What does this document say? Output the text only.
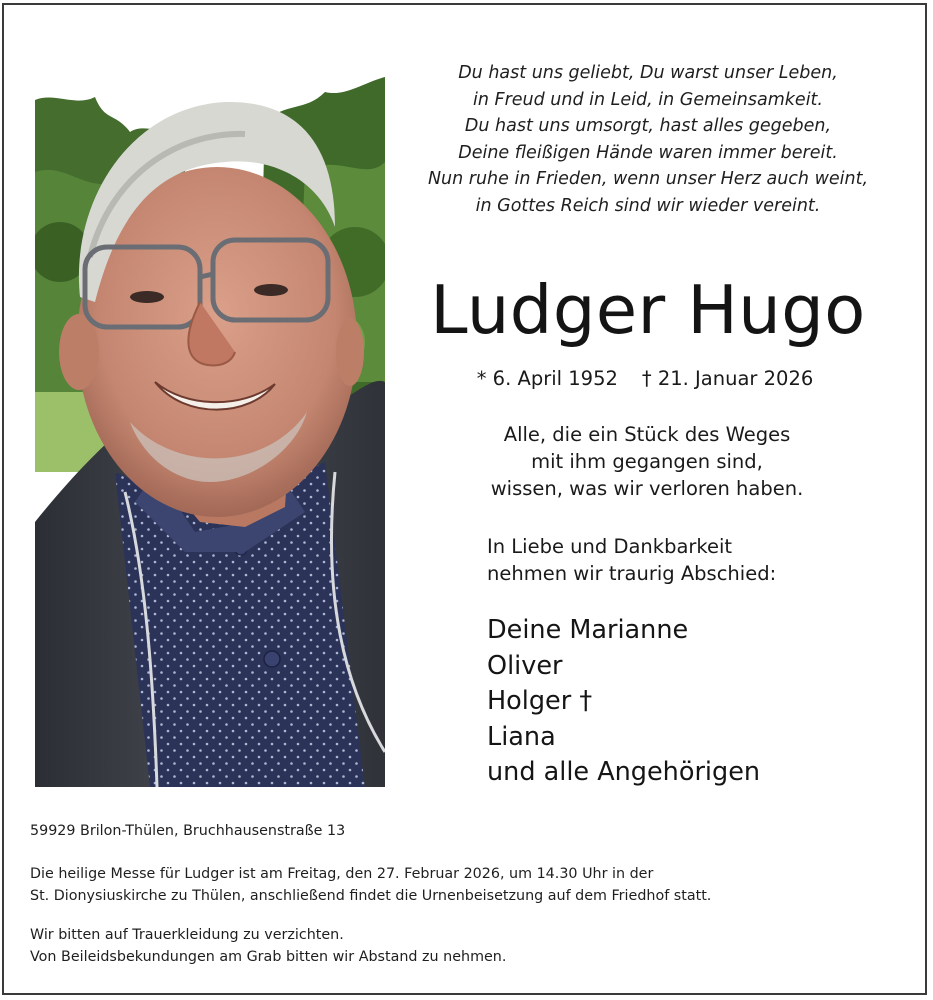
Du hast uns geliebt, Du warst unser Leben,
in Freud und in Leid, in Gemeinsamkeit.
Du hast uns umsorgt, hast alles gegeben,
Deine fleißigen Hände waren immer bereit.
Nun ruhe in Frieden, wenn unser Herz auch weint,
in Gottes Reich sind wir wieder vereint.
Ludger Hugo
* 6. April 1952 † 21. Januar 2026
Alle, die ein Stück des Weges
mit ihm gegangen sind,
wissen, was wir verloren haben.
In Liebe und Dankbarkeit
nehmen wir traurig Abschied:
Deine Marianne
Oliver
Holger †
Liana
und alle Angehörigen
59929 Brilon-Thülen, Bruchhausenstraße 13
Die heilige Messe für Ludger ist am Freitag, den 27. Februar 2026, um 14.30 Uhr in der
St. Dionysiuskirche zu Thülen, anschließend findet die Urnenbeisetzung auf dem Friedhof statt.
Wir bitten auf Trauerkleidung zu verzichten.
Von Beileidsbekundungen am Grab bitten wir Abstand zu nehmen.
